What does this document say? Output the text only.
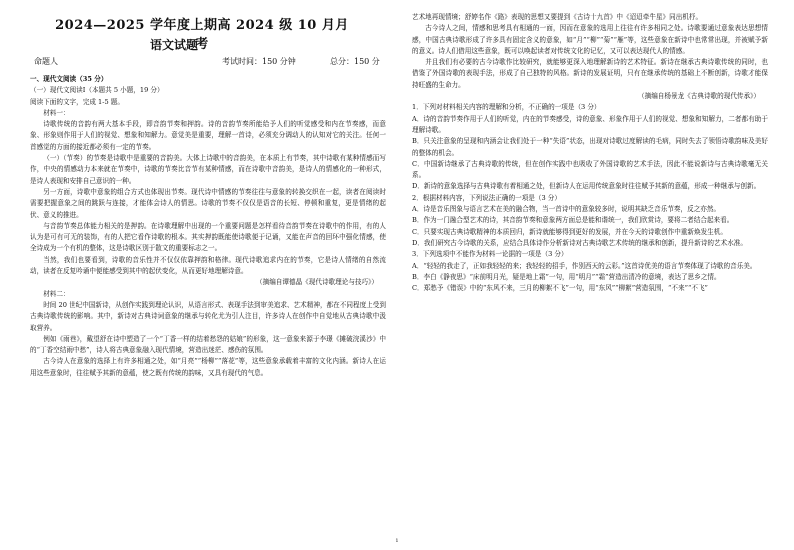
2024—2025 学年度上期高 2024 级 10 月月考
语文试题
命题人	考试时间：150 分钟	总分：150 分

一、现代文阅读（35 分）

（一）现代文阅读Ⅰ（本题共 5 小题，19 分）

阅读下面的文字，完成 1-5 题。

材料一：

诗歌传统的音韵有两大基本手段，即音韵节奏和押韵。诗的音韵节奏所能给予人们的听觉感受和内在节奏感，而意象、形象则作用于人们的视觉、想象和知解力。意觉美是重要，理解一首诗，必须充分调动人的认知对它的关注。任何一首感觉的方面的接近都必须有一定的节奏。

（一）（节奏）的节奏是诗歌中是重要的音韵美。大体上诗歌中的音韵美，在本质上有节奏，其中诗歌有某种情感而写作，中央的情感动力本来就在节奏中，诗歌的节奏比音节有某种情感，而在诗歌中音韵美，是诗人的情感化的一种形式，是诗人表现和安排自己意识的一种。

另一方面，诗歌中意象的组合方式也体现出节奏。现代诗中情感的节奏往往与意象的转换交织在一起，读者在阅读时需要把握意象之间的跳跃与连接，才能体会诗人的情思。诗歌的节奏不仅仅是语音的长短、停顿和重复，更是情绪的起伏、意义的推进。

与音韵节奏总体能力相关的是押韵。在诗歌理解中出现的一个重要问题是怎样看待音韵节奏在诗歌中的作用，有的人认为是可有可无的装饰，有的人把它看作诗歌的根本。其实押韵既能使诗歌便于记诵，又能在声音的回环中强化情感，使全诗成为一个有机的整体，这是诗歌区别于散文的重要标志之一。

当然，我们也要看到，诗歌的音乐性并不仅仅依靠押韵和格律。现代诗歌追求内在的节奏，它是诗人情绪的自然流动，读者在反复吟诵中便能感受到其中的起伏变化，从而更好地理解诗意。

（摘编自谭德晶《现代诗歌理论与技巧》）

材料二：

时间 20 世纪中国新诗，从创作实践到理论认识，从语言形式、表现手法到审美追求、艺术精神，都在不同程度上受到古典诗歌传统的影响。其中，新诗对古典诗词意象的继承与转化尤为引人注目，许多诗人在创作中自觉地从古典诗歌中汲取营养。

例如《雨巷》，戴望舒在诗中塑造了一个“丁香一样的结着愁怨的姑娘”的形象，这一意象来源于李璟《摊破浣溪沙》中的“丁香空结雨中愁”，诗人将古典意象融入现代情境，营造出迷茫、感伤的氛围。

古今诗人在意象的选择上有许多相通之处，如“月亮”“杨柳”“落花”等，这些意象承载着丰富的文化内涵。新诗人在运用这些意象时，往往赋予其新的意蕴，使之既有传统的韵味，又具有现代的气息。

艺术地再现情境；舒婷名作《路》表现的思想又要提到《古诗十九首》中《迢迢牵牛星》同出机杼。

古今诗人之间，情感和思考具有相通的一面，因而在意象的选用上往往有许多相同之处。诗歌要通过意象表达思想情感，中国古典诗歌形成了许多具有固定含义的意象，如“月”“柳”“菊”“雁”等，这些意象在新诗中也常常出现，并被赋予新的意义。诗人们借用这些意象，既可以唤起读者对传统文化的记忆，又可以表达现代人的情感。

并且我们有必要的古今诗歌作比较研究，就能够更深入地理解新诗的艺术特征。新诗在继承古典诗歌传统的同时，也借鉴了外国诗歌的表现手法，形成了自己独特的风格。新诗的发展证明，只有在继承传统的基础上不断创新，诗歌才能保持旺盛的生命力。

（摘编自杨景龙《古典诗歌的现代传承》）

1．下列对材料相关内容的理解和分析，不正确的一项是（3 分）

A．诗的音韵节奏作用于人们的听觉，内在的节奏感受，诗的意象、形象作用于人们的视觉、想象和知解力，二者都有助于理解诗歌。

B．只关注意象的呈现和内涵会让我们处于一种“失语”状态，出现对诗歌过度解读的毛病，同时失去了领悟诗歌韵味及美好的整体的机会。

C．中国新诗继承了古典诗歌的传统，但在创作实践中也吸收了外国诗歌的艺术手法，因此不能说新诗与古典诗歌毫无关系。

D．新诗的意象选择与古典诗歌有着相通之处，但新诗人在运用传统意象时往往赋予其新的意蕴，形成一种继承与创新。

2．根据材料内容，下列说法正确的一项是（3 分）

A．诗是音乐图象与语言艺术在美的融合物，当一首诗中的意象较多时，说明其缺乏音乐节奏，反之亦然。

B．作为一门融合型艺术的诗，其音韵节奏和意象两方面总是能和谐统一，我们欣赏诗，要将二者结合起来看。

C．只要实现古典诗歌精神的本质回归，新诗就能够得到更好的发展，并在今天的诗歌创作中重新焕发生机。

D．我们研究古今诗歌的关系，应结合具体诗作分析新诗对古典诗歌艺术传统的继承和创新，提升新诗的艺术水准。

3．下列选项中不能作为材料一论据的一项是（3 分）

A．“轻轻的我走了，正如我轻轻的来；我轻轻的招手，作别西天的云彩。”这首诗优美的语言节奏体现了诗歌的音乐美。

B．李白《静夜思》“床前明月光，疑是地上霜”一句，用“明月”“霜”营造出清冷的意境，表达了思乡之情。

C．郑愁予《错误》中的“东风不来，三月的柳絮不飞”一句，用“东风”“柳絮”营造氛围，“不来”“不飞”

1
